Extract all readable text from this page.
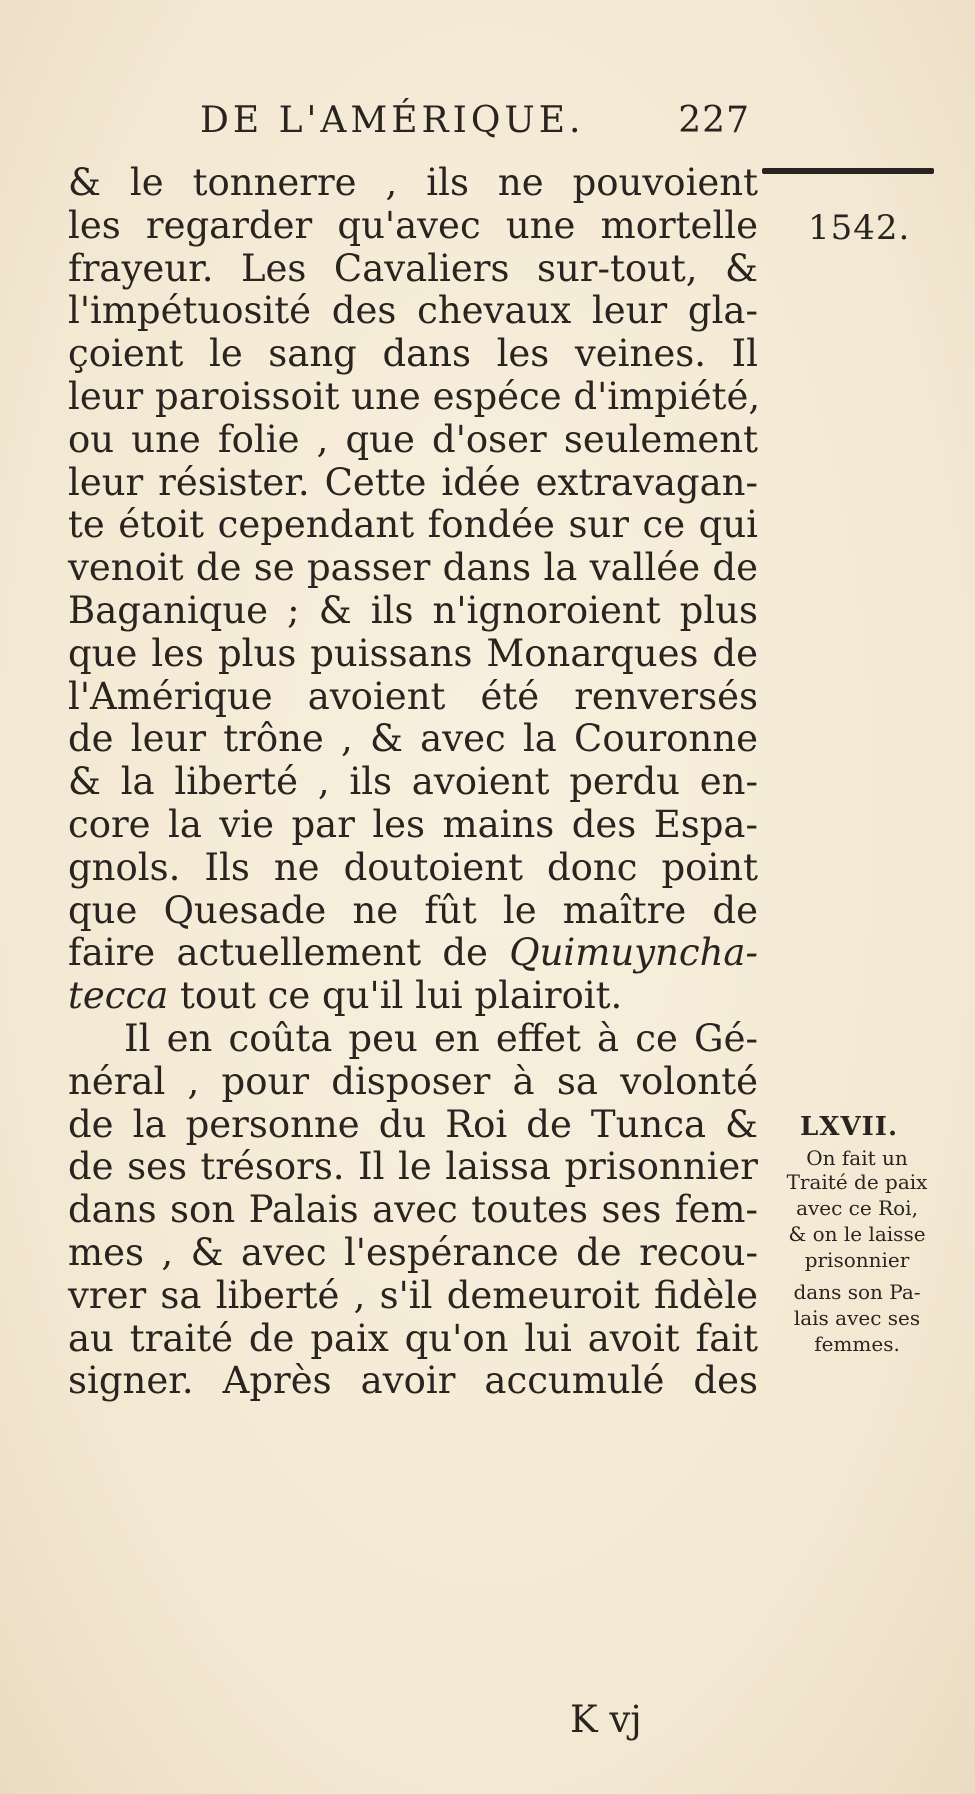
DE L'AMÉRIQUE.	227
& le tonnerre , ils ne pouvoient
les regarder qu'avec une mortelle
frayeur. Les Cavaliers sur-tout, &
l'impétuosité des chevaux leur gla-
çoient le sang dans les veines. Il
leur paroissoit une espéce d'impiété,
ou une folie , que d'oser seulement
leur résister. Cette idée extravagan-
te étoit cependant fondée sur ce qui
venoit de se passer dans la vallée de
Baganique ; & ils n'ignoroient plus
que les plus puissans Monarques de
l'Amérique avoient été renversés
de leur trône , & avec la Couronne
& la liberté , ils avoient perdu en-
core la vie par les mains des Espa-
gnols. Ils ne doutoient donc point
que Quesade ne fût le maître de
faire actuellement de Quimuyncha-
tecca tout ce qu'il lui plairoit.
Il en coûta peu en effet à ce Gé-
néral , pour disposer à sa volonté
de la personne du Roi de Tunca &
de ses trésors. Il le laissa prisonnier
dans son Palais avec toutes ses fem-
mes , & avec l'espérance de recou-
vrer sa liberté , s'il demeuroit fidèle
au traité de paix qu'on lui avoit fait
signer. Après avoir accumulé des
1542.
LXVII.
On fait un
Traité de paix
avec ce Roi,
& on le laisse
prisonnier
dans son Pa-
lais avec ses
femmes.
K vj
